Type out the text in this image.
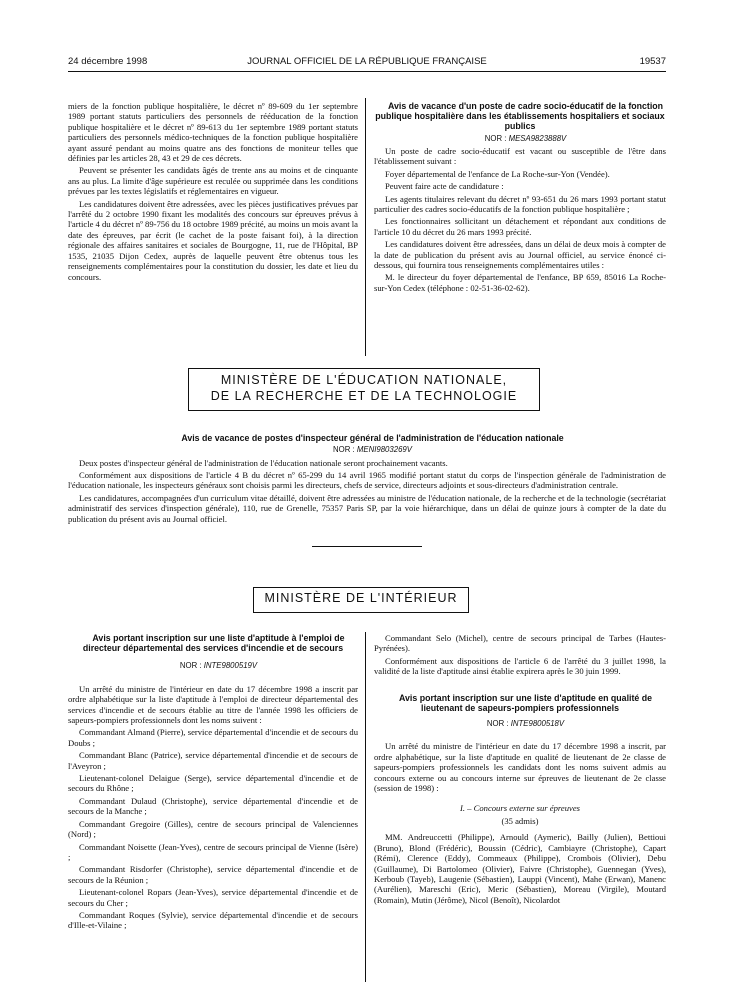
24 décembre 1998	JOURNAL OFFICIEL DE LA RÉPUBLIQUE FRANÇAISE	19537

miers de la fonction publique hospitalière, le décret nº 89-609 du 1er septembre 1989 portant statuts particuliers des personnels de rééducation de la fonction publique hospitalière et le décret nº 89-613 du 1er septembre 1989 portant statuts particuliers des personnels médico-techniques de la fonction publique hospitalière ayant assuré pendant au moins quatre ans des fonctions de moniteur telles que définies par les articles 28, 43 et 29 de ces décrets.

Peuvent se présenter les candidats âgés de trente ans au moins et de cinquante ans au plus. La limite d'âge supérieure est reculée ou supprimée dans les conditions prévues par les textes législatifs et réglementaires en vigueur.

Les candidatures doivent être adressées, avec les pièces justificatives prévues par l'arrêté du 2 octobre 1990 fixant les modalités des concours sur épreuves prévus à l'article 4 du décret nº 89-756 du 18 octobre 1989 précité, au moins un mois avant la date des épreuves, par écrit (le cachet de la poste faisant foi), à la direction régionale des affaires sanitaires et sociales de Bourgogne, 11, rue de l'Hôpital, BP 1535, 21035 Dijon Cedex, auprès de laquelle peuvent être obtenus tous les renseignements complémentaires pour la constitution du dossier, les date et lieu du concours.

Avis de vacance d'un poste de cadre socio-éducatif de la fonction publique hospitalière dans les établissements hospitaliers et sociaux publics

NOR : MESA9823888V

Un poste de cadre socio-éducatif est vacant ou susceptible de l'être dans l'établissement suivant :

Foyer départemental de l'enfance de La Roche-sur-Yon (Vendée).

Peuvent faire acte de candidature :

Les agents titulaires relevant du décret nº 93-651 du 26 mars 1993 portant statut particulier des cadres socio-éducatifs de la fonction publique hospitalière ;

Les fonctionnaires sollicitant un détachement et répondant aux conditions de l'article 10 du décret du 26 mars 1993 précité.

Les candidatures doivent être adressées, dans un délai de deux mois à compter de la date de publication du présent avis au Journal officiel, au service énoncé ci-dessous, qui fournira tous renseignements complémentaires utiles :

M. le directeur du foyer départemental de l'enfance, BP 659, 85016 La Roche-sur-Yon Cedex (téléphone : 02-51-36-02-62).

MINISTÈRE DE L'ÉDUCATION NATIONALE,
DE LA RECHERCHE ET DE LA TECHNOLOGIE

Avis de vacance de postes d'inspecteur général de l'administration de l'éducation nationale

NOR : MENI9803269V

Deux postes d'inspecteur général de l'administration de l'éducation nationale seront prochainement vacants.

Conformément aux dispositions de l'article 4 B du décret nº 65-299 du 14 avril 1965 modifié portant statut du corps de l'inspection générale de l'administration de l'éducation nationale, les inspecteurs généraux sont choisis parmi les directeurs, chefs de service, directeurs adjoints et sous-directeurs d'administration centrale.

Les candidatures, accompagnées d'un curriculum vitae détaillé, doivent être adressées au ministre de l'éducation nationale, de la recherche et de la technologie (secrétariat administratif des services d'inspection générale), 110, rue de Grenelle, 75357 Paris SP, par la voie hiérarchique, dans un délai de quinze jours à compter de la date du publication du présent avis au Journal officiel.

MINISTÈRE DE L'INTÉRIEUR

Avis portant inscription sur une liste d'aptitude à l'emploi de directeur départemental des services d'incendie et de secours

NOR : INTE9800519V

Un arrêté du ministre de l'intérieur en date du 17 décembre 1998 a inscrit par ordre alphabétique sur la liste d'aptitude à l'emploi de directeur départemental des services d'incendie et de secours établie au titre de l'année 1998 les officiers de sapeurs-pompiers professionnels dont les noms suivent :

Commandant Almand (Pierre), service départemental d'incendie et de secours du Doubs ;

Commandant Blanc (Patrice), service départemental d'incendie et de secours de l'Aveyron ;

Lieutenant-colonel Delaigue (Serge), service départemental d'incendie et de secours du Rhône ;

Commandant Dulaud (Christophe), service départemental d'incendie et de secours de la Manche ;

Commandant Gregoire (Gilles), centre de secours principal de Valenciennes (Nord) ;

Commandant Noisette (Jean-Yves), centre de secours principal de Vienne (Isère) ;

Commandant Risdorfer (Christophe), service départemental d'incendie et de secours de la Réunion ;

Lieutenant-colonel Ropars (Jean-Yves), service départemental d'incendie et de secours du Cher ;

Commandant Roques (Sylvie), service départemental d'incendie et de secours d'Ille-et-Vilaine ;

Commandant Selo (Michel), centre de secours principal de Tarbes (Hautes-Pyrénées).

Conformément aux dispositions de l'article 6 de l'arrêté du 3 juillet 1998, la validité de la liste d'aptitude ainsi établie expirera après le 30 juin 1999.

Avis portant inscription sur une liste d'aptitude en qualité de lieutenant de sapeurs-pompiers professionnels

NOR : INTE9800518V

Un arrêté du ministre de l'intérieur en date du 17 décembre 1998 a inscrit, par ordre alphabétique, sur la liste d'aptitude en qualité de lieutenant de 2e classe de sapeurs-pompiers professionnels les candidats dont les noms suivent admis au concours externe ou au concours interne sur épreuves de lieutenant de 2e classe (session de 1998) :

I. – Concours externe sur épreuves

(35 admis)

MM. Andreuccetti (Philippe), Arnould (Aymeric), Bailly (Julien), Bettioui (Bruno), Blond (Frédéric), Boussin (Cédric), Cambiayre (Christophe), Capart (Rémi), Clerence (Eddy), Commeaux (Philippe), Crombois (Olivier), Debu (Guillaume), Di Bartolomeo (Olivier), Faivre (Christophe), Guennegan (Yves), Kerboub (Tayeb), Laugenie (Sébastien), Lauppi (Vincent), Mahe (Erwan), Manenc (Aurélien), Mareschi (Eric), Meric (Sébastien), Moreau (Virgile), Moutard (Romain), Mutin (Jérôme), Nicol (Benoît), Nicolardot
